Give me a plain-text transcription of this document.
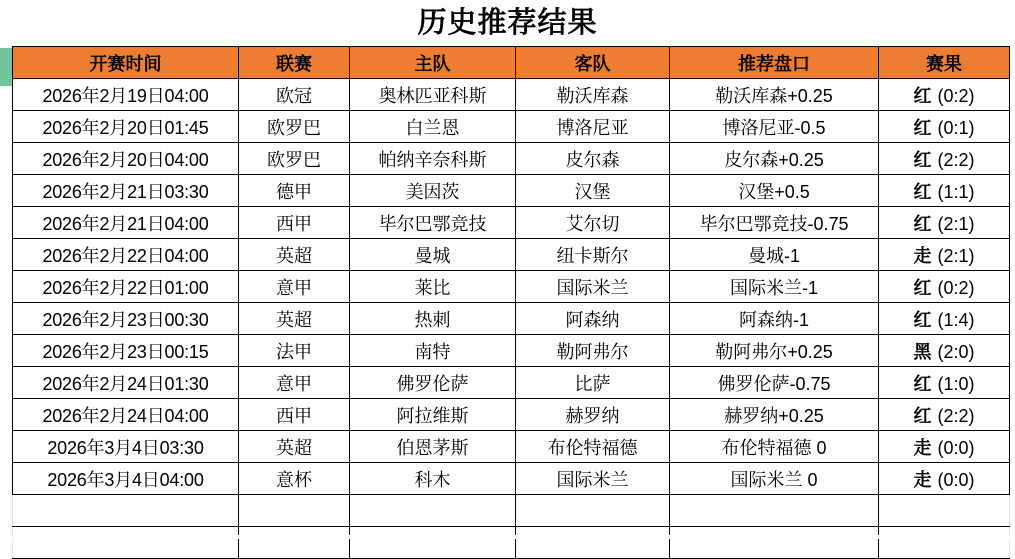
历史推荐结果
开赛时间	联赛	主队	客队	推荐盘口	赛果
2026年2月19日04:00	欧冠	奥林匹亚科斯	勒沃库森	勒沃库森+0.25	红 (0:2)
2026年2月20日01:45	欧罗巴	白兰恩	博洛尼亚	博洛尼亚-0.5	红 (0:1)
2026年2月20日04:00	欧罗巴	帕纳辛奈科斯	皮尔森	皮尔森+0.25	红 (2:2)
2026年2月21日03:30	德甲	美因茨	汉堡	汉堡+0.5	红 (1:1)
2026年2月21日04:00	西甲	毕尔巴鄂竞技	艾尔切	毕尔巴鄂竞技-0.75	红 (2:1)
2026年2月22日04:00	英超	曼城	纽卡斯尔	曼城-1	走 (2:1)
2026年2月22日01:00	意甲	莱比	国际米兰	国际米兰-1	红 (0:2)
2026年2月23日00:30	英超	热刺	阿森纳	阿森纳-1	红 (1:4)
2026年2月23日00:15	法甲	南特	勒阿弗尔	勒阿弗尔+0.25	黑 (2:0)
2026年2月24日01:30	意甲	佛罗伦萨	比萨	佛罗伦萨-0.75	红 (1:0)
2026年2月24日04:00	西甲	阿拉维斯	赫罗纳	赫罗纳+0.25	红 (2:2)
2026年3月4日03:30	英超	伯恩茅斯	布伦特福德	布伦特福德 0	走 (0:0)
2026年3月4日04:00	意杯	科木	国际米兰	国际米兰 0	走 (0:0)
